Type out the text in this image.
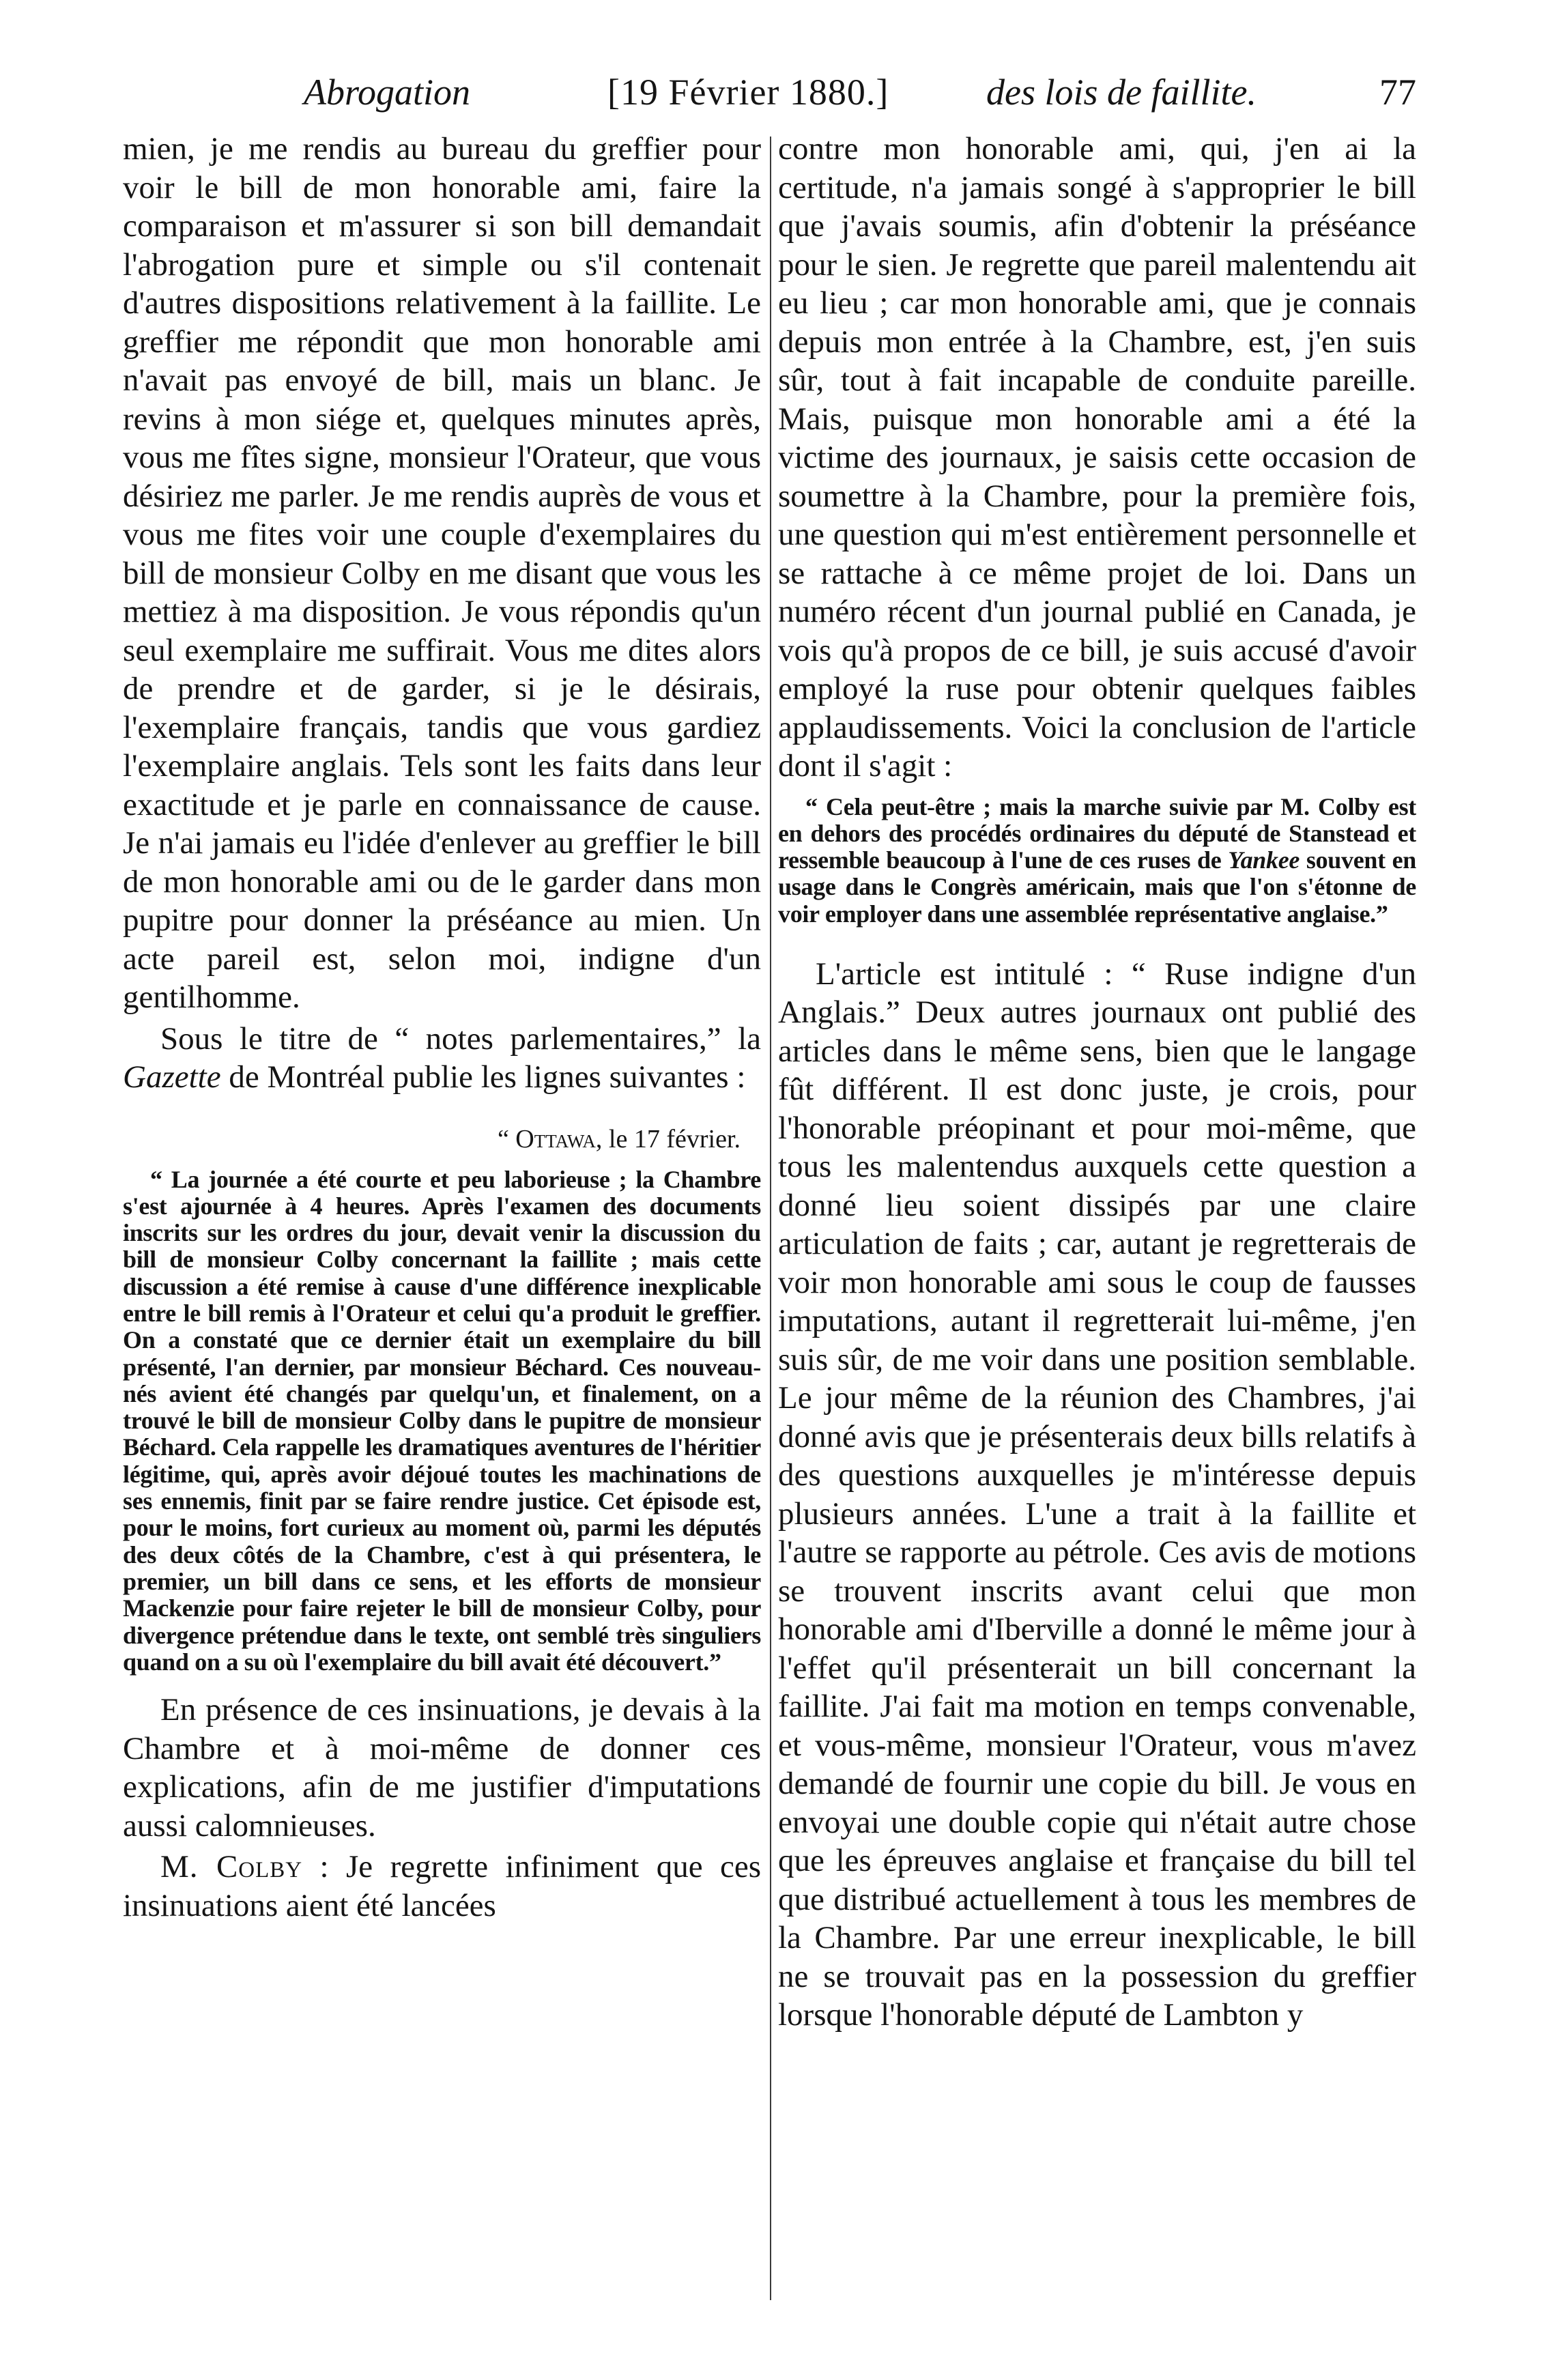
Abrogation	[19 Février 1880.]	des lois de faillite.	77

mien, je me rendis au bureau du greffier pour voir le bill de mon honorable ami, faire la comparaison et m'assurer si son bill demandait l'abrogation pure et simple ou s'il contenait d'autres dispositions relativement à la faillite. Le greffier me répondit que mon honorable ami n'avait pas envoyé de bill, mais un blanc. Je revins à mon siége et, quelques minutes après, vous me fîtes signe, monsieur l'Orateur, que vous désiriez me parler. Je me rendis auprès de vous et vous me fites voir une couple d'exemplaires du bill de monsieur Colby en me disant que vous les mettiez à ma disposition. Je vous répondis qu'un seul exemplaire me suffirait. Vous me dites alors de prendre et de garder, si je le désirais, l'exemplaire français, tandis que vous gardiez l'exemplaire anglais. Tels sont les faits dans leur exactitude et je parle en connaissance de cause. Je n'ai jamais eu l'idée d'enlever au greffier le bill de mon honorable ami ou de le garder dans mon pupitre pour donner la préséance au mien. Un acte pareil est, selon moi, indigne d'un gentilhomme.

Sous le titre de “ notes parlementaires,” la Gazette de Montréal publie les lignes suivantes :

“ Ottawa, le 17 février.

“ La journée a été courte et peu laborieuse ; la Chambre s'est ajournée à 4 heures. Après l'examen des documents inscrits sur les ordres du jour, devait venir la discussion du bill de monsieur Colby concernant la faillite ; mais cette discussion a été remise à cause d'une différence inexplicable entre le bill remis à l'Orateur et celui qu'a produit le greffier. On a constaté que ce dernier était un exemplaire du bill présenté, l'an dernier, par monsieur Béchard. Ces nouveau-nés avient été changés par quelqu'un, et finalement, on a trouvé le bill de monsieur Colby dans le pupitre de monsieur Béchard. Cela rappelle les dramatiques aventures de l'héritier légitime, qui, après avoir déjoué toutes les machinations de ses ennemis, finit par se faire rendre justice. Cet épisode est, pour le moins, fort curieux au moment où, parmi les députés des deux côtés de la Chambre, c'est à qui présentera, le premier, un bill dans ce sens, et les efforts de monsieur Mackenzie pour faire rejeter le bill de monsieur Colby, pour divergence prétendue dans le texte, ont semblé très singuliers quand on a su où l'exemplaire du bill avait été découvert.”

En présence de ces insinuations, je devais à la Chambre et à moi-même de donner ces explications, afin de me justifier d'imputations aussi calomnieuses.

M. Colby : Je regrette infiniment que ces insinuations aient été lancées

contre mon honorable ami, qui, j'en ai la certitude, n'a jamais songé à s'approprier le bill que j'avais soumis, afin d'obtenir la préséance pour le sien. Je regrette que pareil malentendu ait eu lieu ; car mon honorable ami, que je connais depuis mon entrée à la Chambre, est, j'en suis sûr, tout à fait incapable de conduite pareille. Mais, puisque mon honorable ami a été la victime des journaux, je saisis cette occasion de soumettre à la Chambre, pour la première fois, une question qui m'est entièrement personnelle et se rattache à ce même projet de loi. Dans un numéro récent d'un journal publié en Canada, je vois qu'à propos de ce bill, je suis accusé d'avoir employé la ruse pour obtenir quelques faibles applaudissements. Voici la conclusion de l'article dont il s'agit :

“ Cela peut-être ; mais la marche suivie par M. Colby est en dehors des procédés ordinaires du député de Stanstead et ressemble beaucoup à l'une de ces ruses de Yankee souvent en usage dans le Congrès américain, mais que l'on s'étonne de voir employer dans une assemblée représentative anglaise.”

L'article est intitulé : “ Ruse indigne d'un Anglais.” Deux autres journaux ont publié des articles dans le même sens, bien que le langage fût différent. Il est donc juste, je crois, pour l'honorable préopinant et pour moi-même, que tous les malentendus auxquels cette question a donné lieu soient dissipés par une claire articulation de faits ; car, autant je regretterais de voir mon honorable ami sous le coup de fausses imputations, autant il regretterait lui-même, j'en suis sûr, de me voir dans une position semblable. Le jour même de la réunion des Chambres, j'ai donné avis que je présenterais deux bills relatifs à des questions auxquelles je m'intéresse depuis plusieurs années. L'une a trait à la faillite et l'autre se rapporte au pétrole. Ces avis de motions se trouvent inscrits avant celui que mon honorable ami d'Iberville a donné le même jour à l'effet qu'il présenterait un bill concernant la faillite. J'ai fait ma motion en temps convenable, et vous-même, monsieur l'Orateur, vous m'avez demandé de fournir une copie du bill. Je vous en envoyai une double copie qui n'était autre chose que les épreuves anglaise et française du bill tel que distribué actuellement à tous les membres de la Chambre. Par une erreur inexplicable, le bill ne se trouvait pas en la possession du greffier lorsque l'honorable député de Lambton y
